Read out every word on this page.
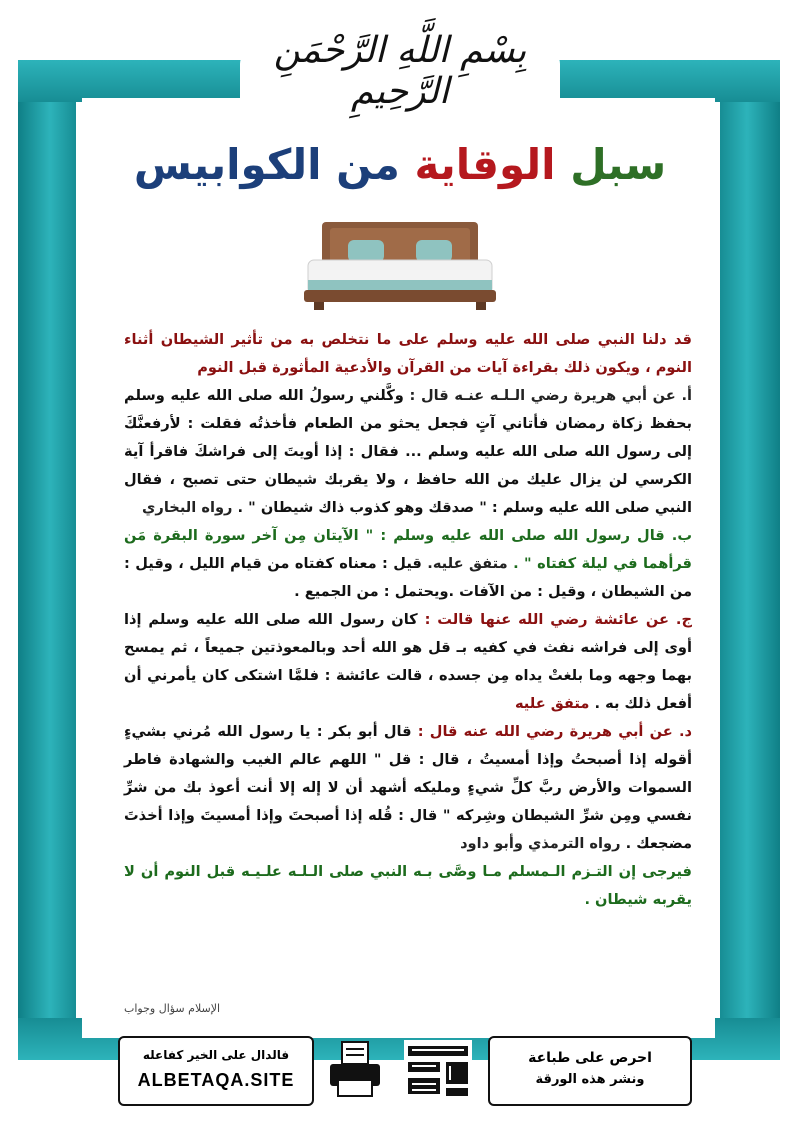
بِسْمِ اللَّهِ الرَّحْمَنِ الرَّحِيمِ
سبل الوقاية من الكوابيس

قد دلنا النبي صلى الله عليه وسلم على ما نتخلص به من تأثير الشيطان أثناء النوم ، ويكون ذلك بقراءة آيات من القرآن والأدعية المأثورة قبل النوم

أ. عن أبي هريرة رضي الـلـه عنـه قال : وكَّلني رسولُ الله صلى الله عليه وسلم بحفظ زكاة رمضان فأتاني آتٍ فجعل يحثو من الطعام فأخذتُه فقلت : لأرفعنَّكَ إلى رسول الله صلى الله عليه وسلم ... فقال : إذا أويتَ إلى فراشكَ فاقرأ آية الكرسي لن يزال عليك من الله حافظ ، ولا يقربك شيطان حتى تصبح ، فقال النبي صلى الله عليه وسلم : " صدقك وهو كذوب ذاك شيطان " . رواه البخاري

ب. قال رسول الله صلى الله عليه وسلم : " الآيتان مِن آخر سورة البقرة مَن قرأهما في ليلة كفتاه " . متفق عليه. قيل : معناه كفتاه من قيام الليل ، وقيل : من الشيطان ، وقيل : من الآفات .ويحتمل : من الجميع .

ج. عن عائشة رضي الله عنها قالت : كان رسول الله صلى الله عليه وسلم إذا أوى إلى فراشه نفث في كفيه بـ قل هو الله أحد وبالمعوذتين جميعاً ، ثم يمسح بهما وجهه وما بلغتْ يداه مِن جسده ، قالت عائشة : فلمَّا اشتكى كان يأمرني أن أفعل ذلك به . متفق عليه

د. عن أبي هريرة رضي الله عنه قال : قال أبو بكر : يا رسول الله مُرني بشيءٍ أقوله إذا أصبحتُ وإذا أمسيتُ ، قال : قل " اللهم عالم الغيب والشهادة فاطر السموات والأرض ربَّ كلِّ شيءٍ ومليكه أشهد أن لا إله إلا أنت أعوذ بك من شرِّ نفسي ومِن شرِّ الشيطان وشِركه " قال : قُله إذا أصبحتَ وإذا أمسيتَ وإذا أخذتَ مضجعك . رواه الترمذي وأبو داود

فيرجى إن التـزم الـمسلم مـا وصَّى بـه النبي صلى الـلـه علـيـه قبل النوم أن لا يقربه شيطان .

الإسلام سؤال وجواب
فالدال على الخير كفاعله
ALBETAQA.SITE
احرص على طباعة
ونشر هذه الورقة
